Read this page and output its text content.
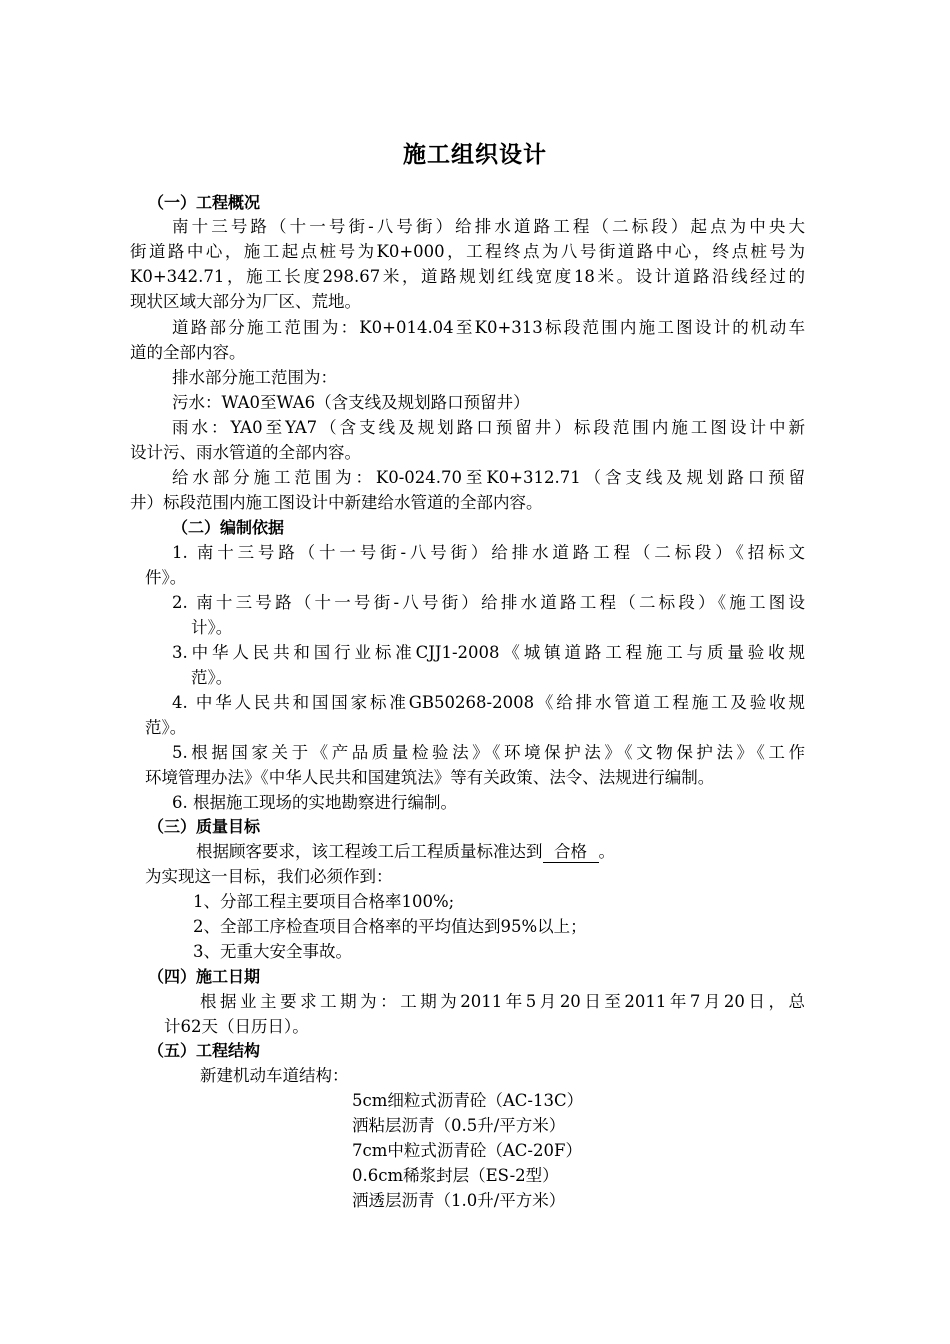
施工组织设计
（一）工程概况
南十三号路（十一号街-八号街）给排水道路工程（二标段）起点为中央大
街道路中心，施工起点桩号为K0+000，工程终点为八号街道路中心，终点桩号为
K0+342.71，施工长度298.67米，道路规划红线宽度18米。设计道路沿线经过的
现状区域大部分为厂区、荒地。
道路部分施工范围为：K0+014.04至K0+313标段范围内施工图设计的机动车
道的全部内容。
排水部分施工范围为：
污水：WA0至WA6（含支线及规划路口预留井）
雨水：YA0至YA7（含支线及规划路口预留井）标段范围内施工图设计中新
设计污、雨水管道的全部内容。
给水部分施工范围为：K0-024.70至K0+312.71（含支线及规划路口预留
井）标段范围内施工图设计中新建给水管道的全部内容。
（二）编制依据
1. 南十三号路（十一号街-八号街）给排水道路工程（二标段）《招标文
件》。
2. 南十三号路（十一号街-八号街）给排水道路工程（二标段）《施工图设
计》。
3.中华人民共和国行业标准CJJ1-2008《城镇道路工程施工与质量验收规
范》。
4. 中华人民共和国国家标准GB50268-2008《给排水管道工程施工及验收规
范》。
5.根据国家关于《产品质量检验法》《环境保护法》《文物保护法》《工作
环境管理办法》《中华人民共和国建筑法》等有关政策、法令、法规进行编制。
6. 根据施工现场的实地勘察进行编制。
（三）质量目标
根据顾客要求，该工程竣工后工程质量标准达到 合格 。
为实现这一目标，我们必须作到：
1、分部工程主要项目合格率100%;
2、全部工序检查项目合格率的平均值达到95%以上；
3、无重大安全事故。
（四）施工日期
根据业主要求工期为：工期为2011年5月20日至2011年7月20日，总
计62天（日历日）。
（五）工程结构
新建机动车道结构：
5cm细粒式沥青砼（AC-13C）
洒粘层沥青（0.5升/平方米）
7cm中粒式沥青砼（AC-20F）
0.6cm稀浆封层（ES-2型）
洒透层沥青（1.0升/平方米）
